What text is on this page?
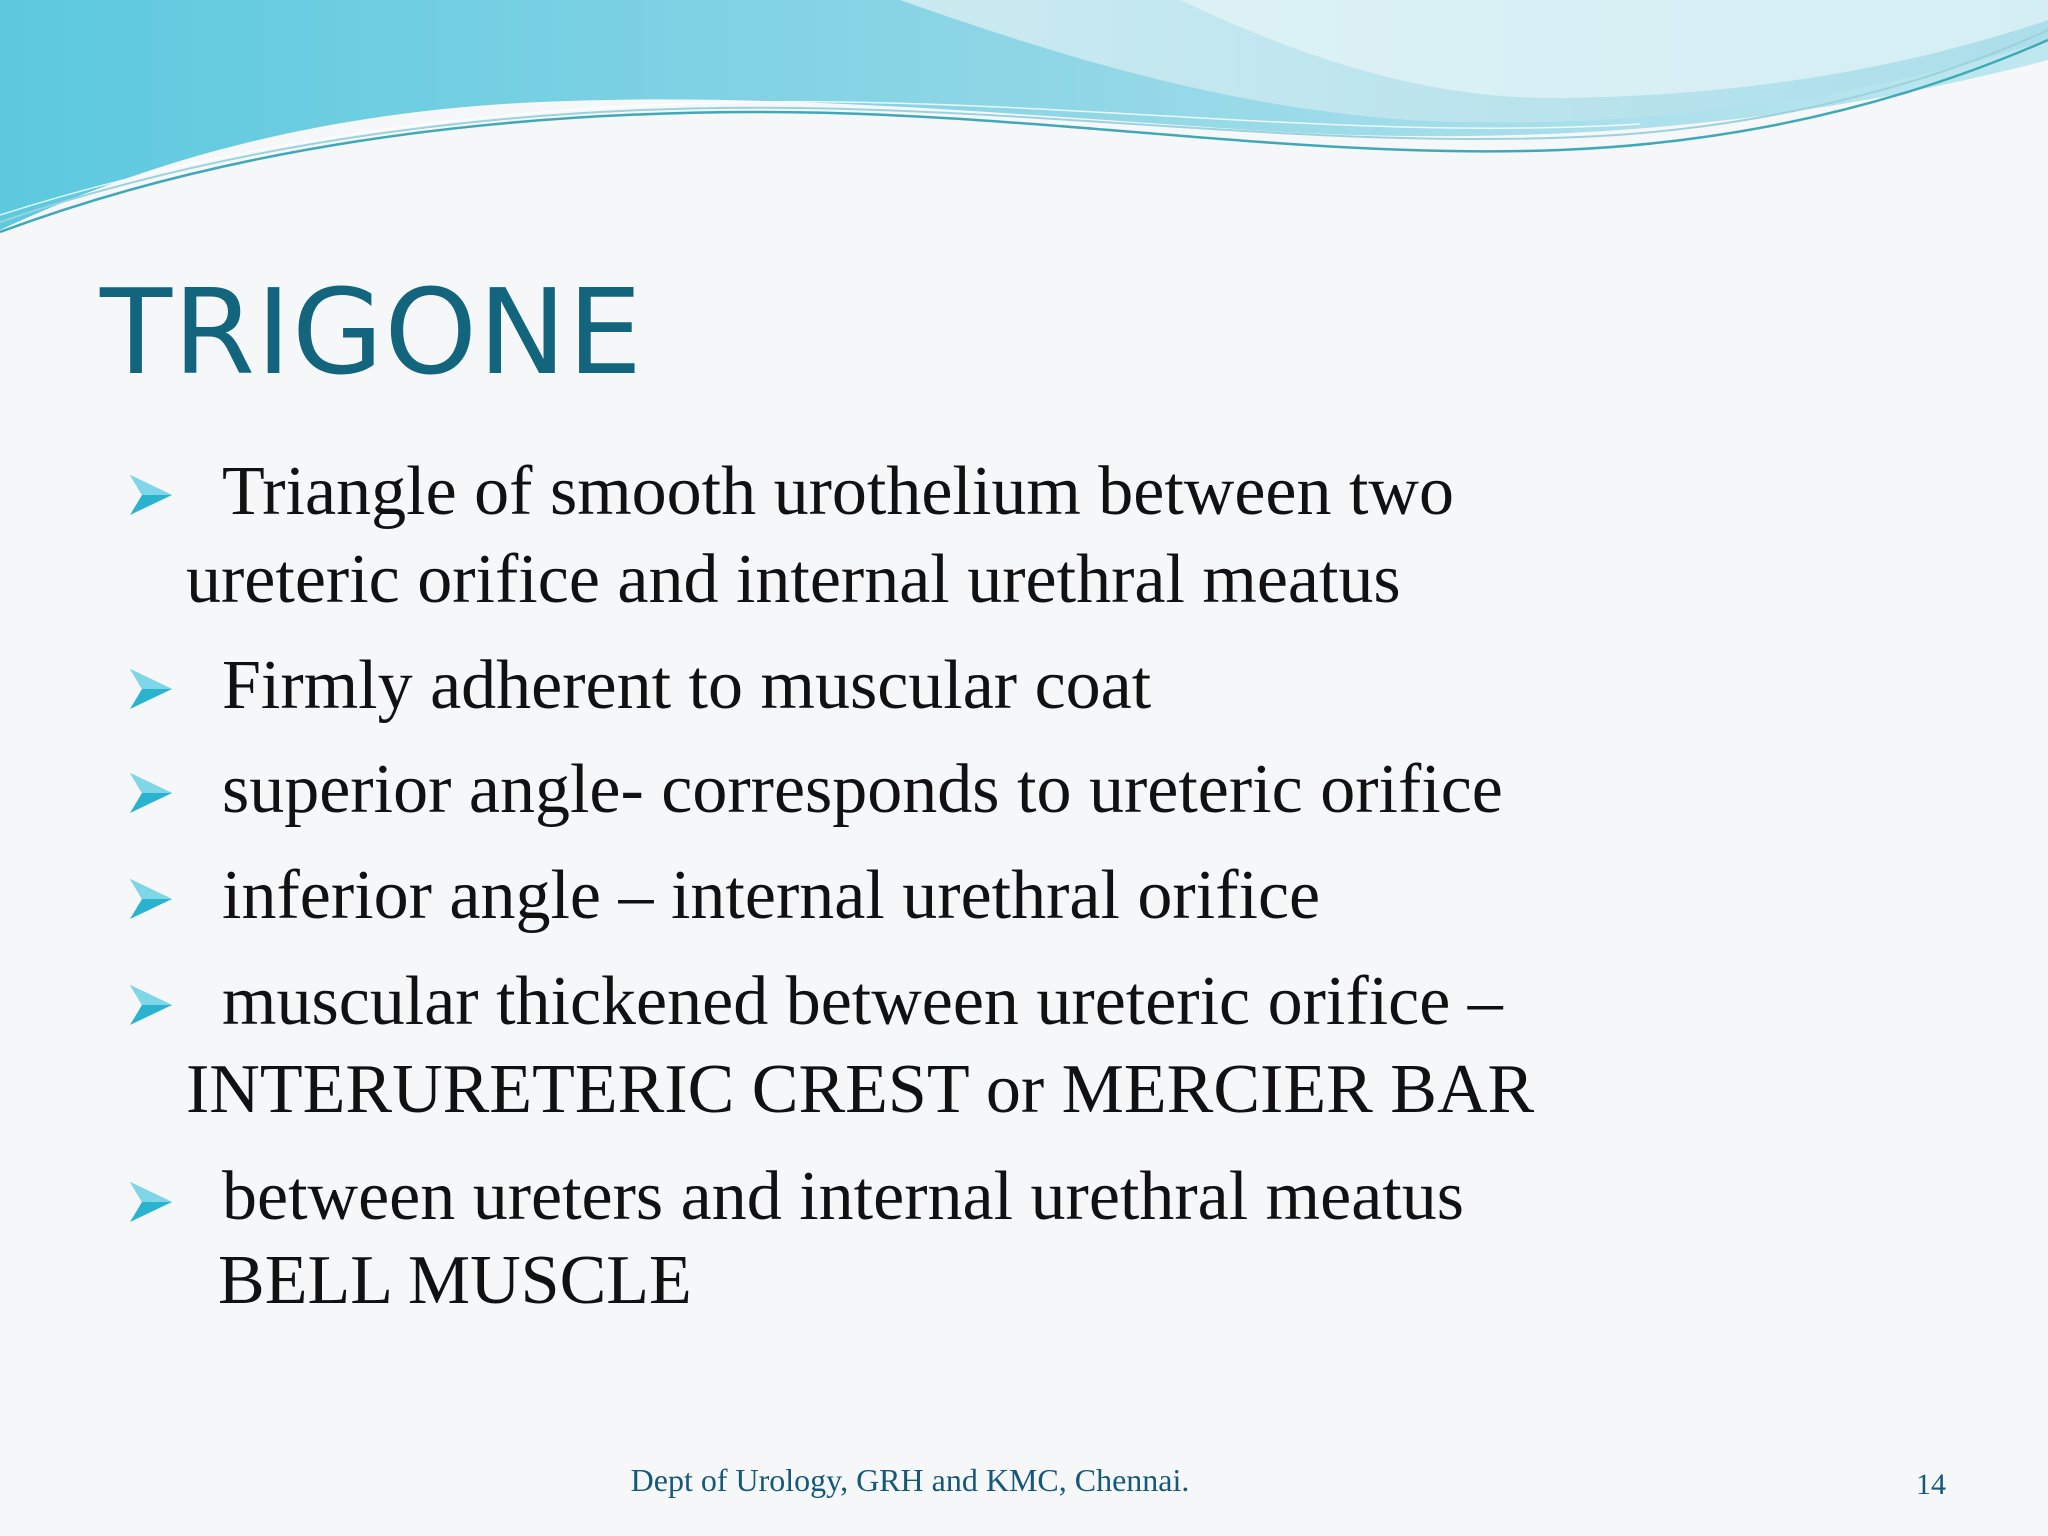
TRIGONE

Triangle of smooth urothelium between two
ureteric orifice and internal urethral meatus

Firmly adherent to muscular coat

superior angle- corresponds to ureteric orifice

inferior angle – internal urethral orifice

muscular thickened between ureteric orifice –
INTERURETERIC CREST or MERCIER BAR

between ureters and internal urethral meatus
BELL MUSCLE

Dept of Urology, GRH and KMC, Chennai.	14
